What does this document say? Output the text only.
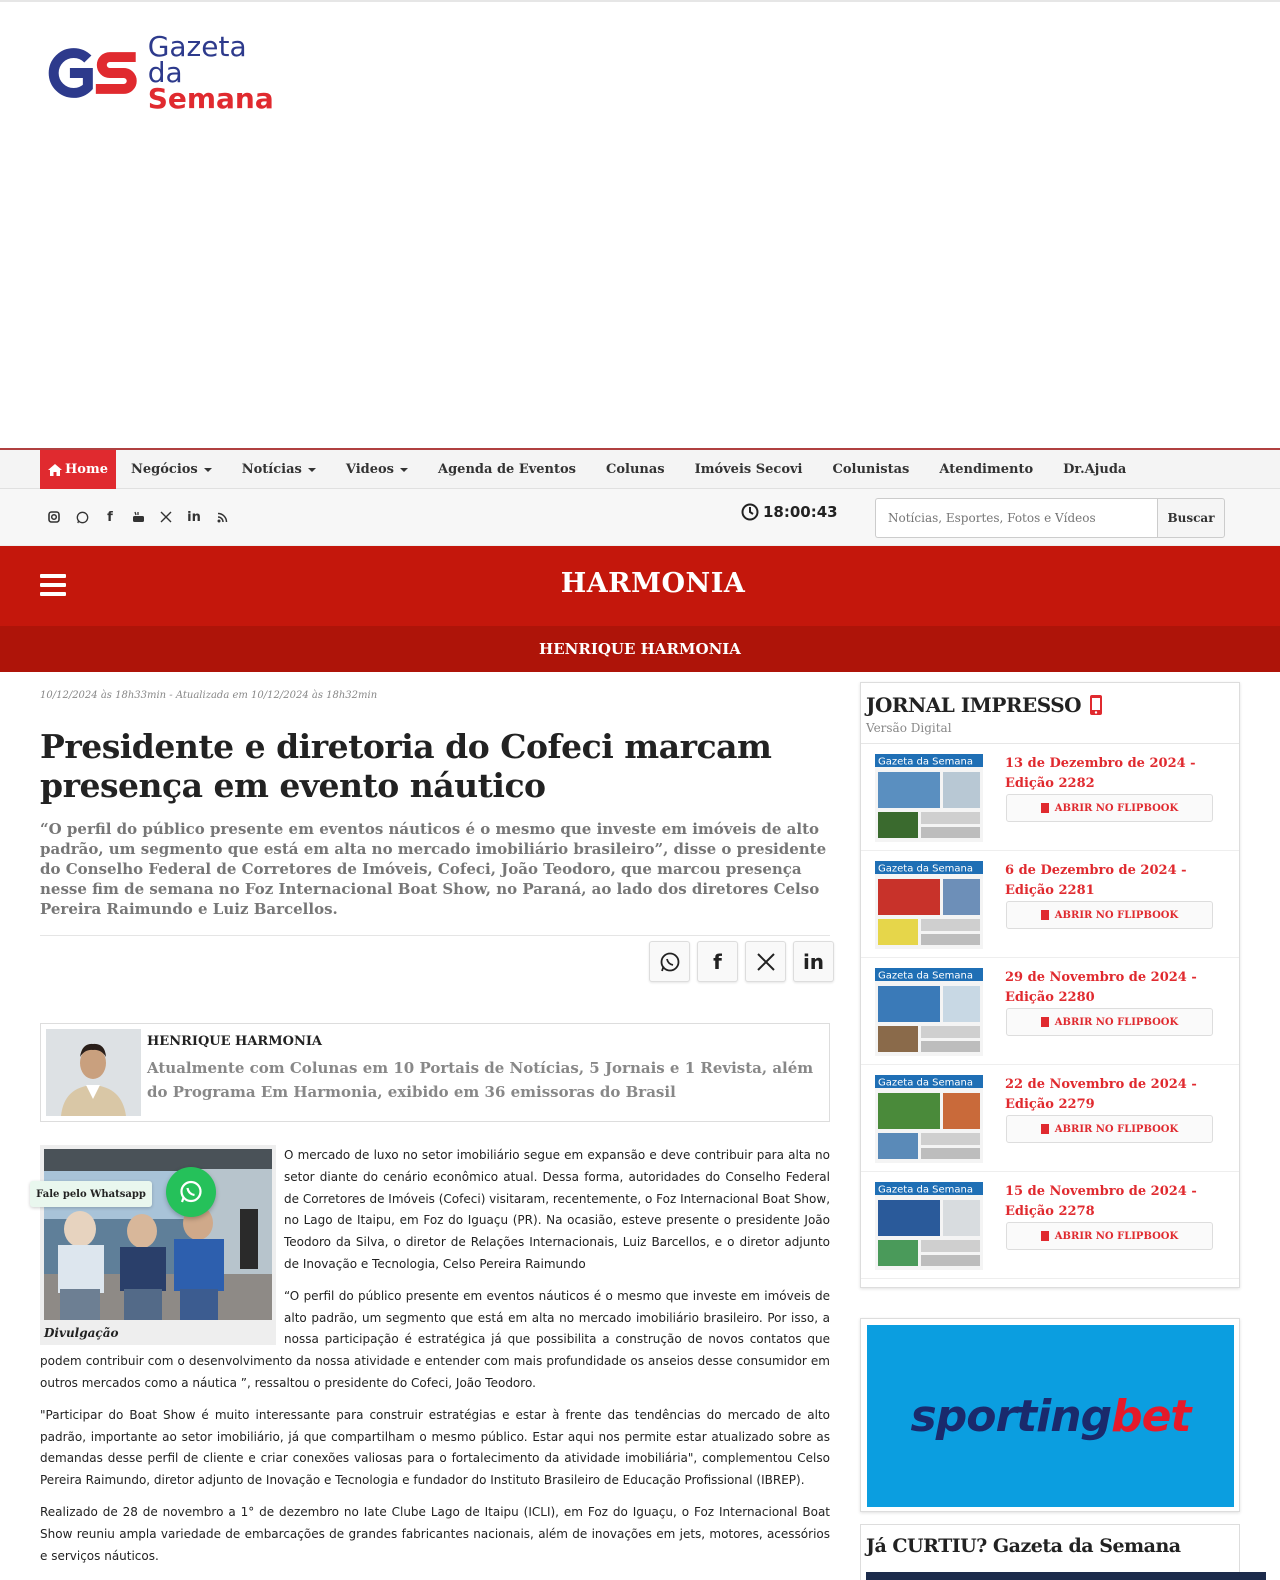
Gazeta da
Semana
Home Negócios	Notícias	Videos	Agenda de Eventos Colunas Imóveis Secovi Colunistas Atendimento Dr.Ajuda
f	in	18:00:43
Notícias, Esportes, Fotos e Vídeos	Buscar
HARMONIA
HENRIQUE HARMONIA
10/12/2024 às 18h33min - Atualizada em 10/12/2024 às 18h32min
Presidente e diretoria do Cofeci marcam presença em evento náutico
“O perfil do público presente em eventos náuticos é o mesmo que investe em imóveis de alto padrão, um segmento que está em alta no mercado imobiliário brasileiro”, disse o presidente do Conselho Federal de Corretores de Imóveis, Cofeci, João Teodoro, que marcou presença nesse fim de semana no Foz Internacional Boat Show, no Paraná, ao lado dos diretores Celso Pereira Raimundo e Luiz Barcellos.
f	in
HENRIQUE HARMONIA
Atualmente com Colunas em 10 Portais de Notícias, 5 Jornais e 1 Revista, além do Programa Em Harmonia, exibido em 36 emissoras do Brasil
Divulgação

O mercado de luxo no setor imobiliário segue em expansão e deve contribuir para alta no setor diante do cenário econômico atual. Dessa forma, autoridades do Conselho Federal de Corretores de Imóveis (Cofeci) visitaram, recentemente, o Foz Internacional Boat Show, no Lago de Itaipu, em Foz do Iguaçu (PR). Na ocasião, esteve presente o presidente João Teodoro da Silva, o diretor de Relações Internacionais, Luiz Barcellos, e o diretor adjunto de Inovação e Tecnologia, Celso Pereira Raimundo

“O perfil do público presente em eventos náuticos é o mesmo que investe em imóveis de alto padrão, um segmento que está em alta no mercado imobiliário brasileiro. Por isso, a nossa participação é estratégica já que possibilita a construção de novos contatos que podem contribuir com o desenvolvimento da nossa atividade e entender com mais profundidade os anseios desse consumidor em outros mercados como a náutica ”, ressaltou o presidente do Cofeci, João Teodoro.

"Participar do Boat Show é muito interessante para construir estratégias e estar à frente das tendências do mercado de alto padrão, importante ao setor imobiliário, já que compartilham o mesmo público. Estar aqui nos permite estar atualizado sobre as demandas desse perfil de cliente e criar conexões valiosas para o fortalecimento da atividade imobiliária", complementou Celso Pereira Raimundo, diretor adjunto de Inovação e Tecnologia e fundador do Instituto Brasileiro de Educação Profissional (IBREP).

Realizado de 28 de novembro a 1° de dezembro no Iate Clube Lago de Itaipu (ICLI), em Foz do Iguaçu, o Foz Internacional Boat Show reuniu ampla variedade de embarcações de grandes fabricantes nacionais, além de inovações em jets, motores, acessórios e serviços náuticos.

Fale pelo Whatsapp
JORNAL IMPRESSO
Versão Digital
Gazeta da Semana 13 de Dezembro de 2024 - Edição 2282
ABRIR NO FLIPBOOK
Gazeta da Semana 6 de Dezembro de 2024 - Edição 2281
ABRIR NO FLIPBOOK
Gazeta da Semana 29 de Novembro de 2024 - Edição 2280
ABRIR NO FLIPBOOK
Gazeta da Semana 22 de Novembro de 2024 - Edição 2279
ABRIR NO FLIPBOOK
Gazeta da Semana 15 de Novembro de 2024 - Edição 2278
ABRIR NO FLIPBOOK
sportingbet
Já CURTIU? Gazeta da Semana
